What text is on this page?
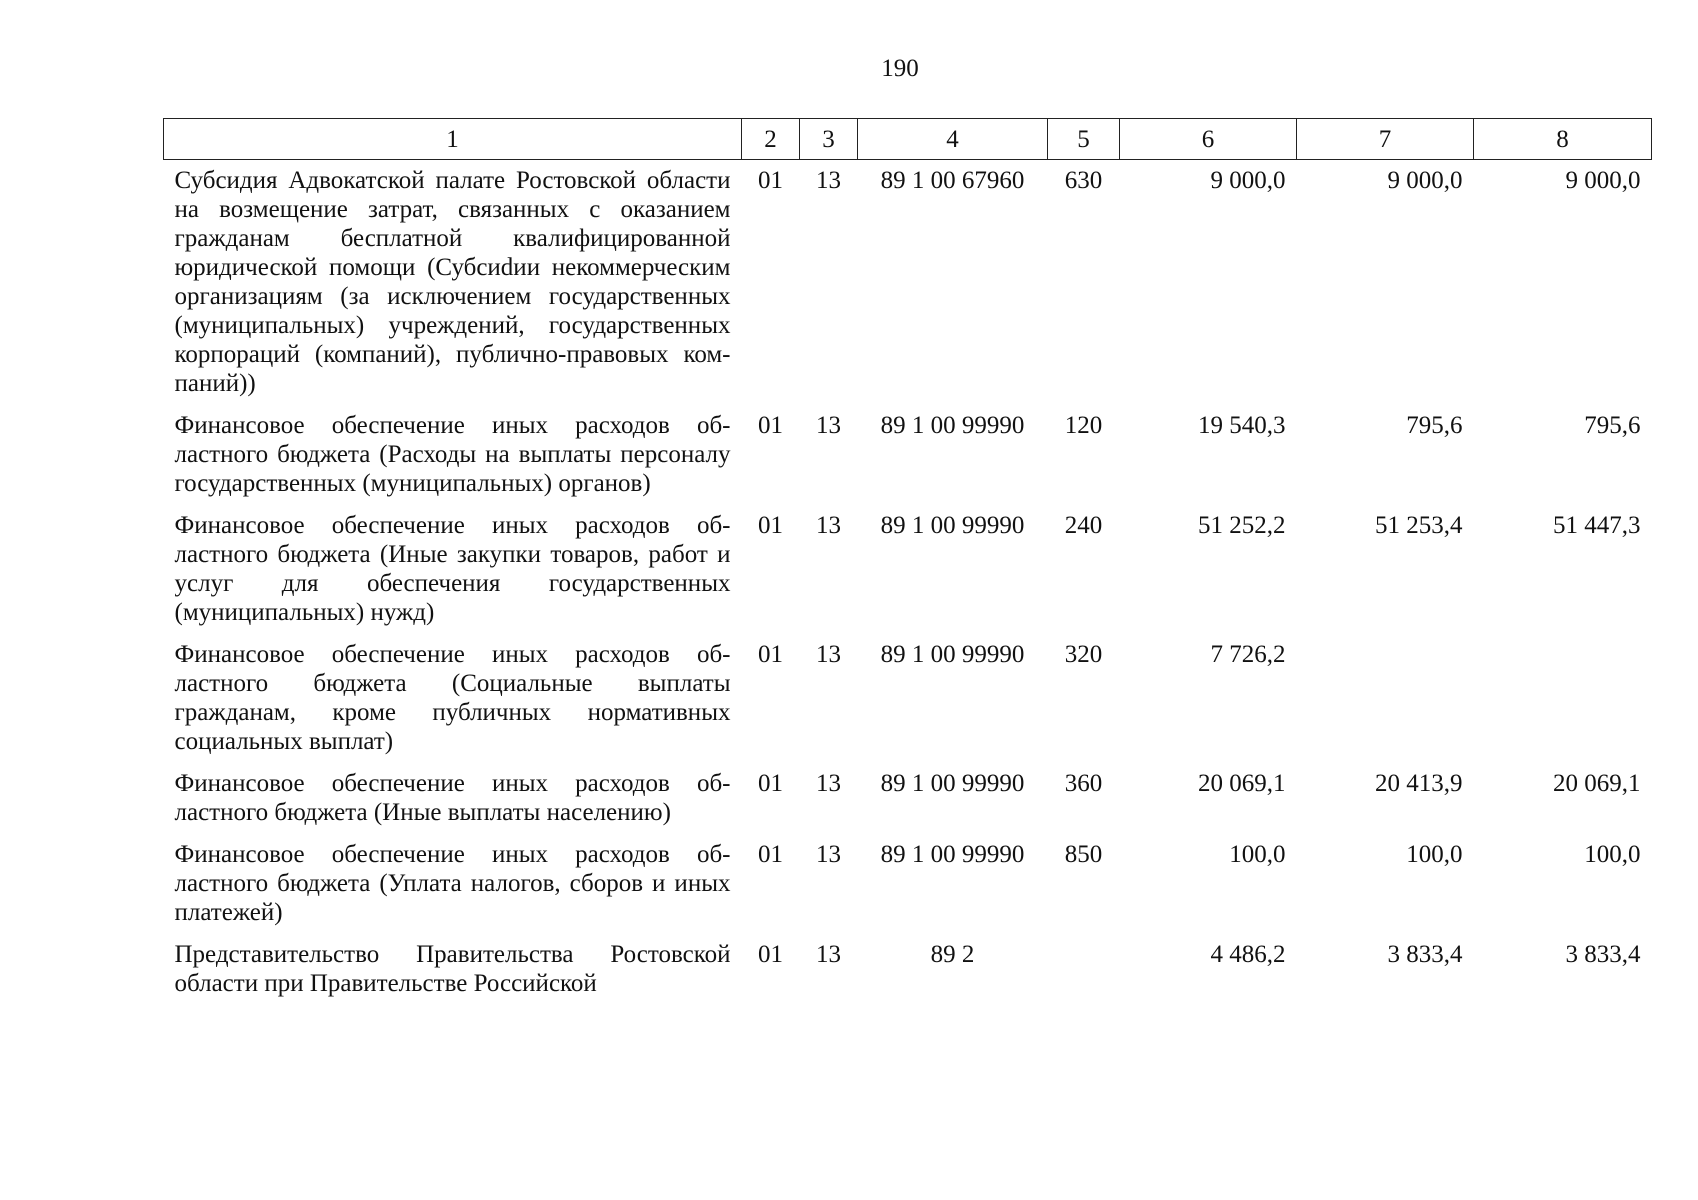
190
1	2	3	4	5	6	7	8
Субсидия Адвокатской палате Ростовской области на возмещение затрат, связанных с оказанием гражданам бесплатной квалифицированной юридической помощи (Субсиdии некоммерческим организациям (за исключением государственных (муниципальных) учреждений, государственных корпораций (компаний), публично-правовых компаний))	01	13	89 1 00 67960	630	9 000,0	9 000,0	9 000,0
Финансовое обеспечение иных расходов областного бюджета (Расходы на выплаты персоналу государственных (муниципальных) органов)	01	13	89 1 00 99990	120	19 540,3	795,6	795,6
Финансовое обеспечение иных расходов областного бюджета (Иные закупки товаров, работ и услуг для обеспечения государственных (муниципальных) нужд)	01	13	89 1 00 99990	240	51 252,2	51 253,4	51 447,3
Финансовое обеспечение иных расходов областного бюджета (Социальные выплаты гражданам, кроме публичных нормативных социальных выплат)	01	13	89 1 00 99990	320	7 726,2		
Финансовое обеспечение иных расходов областного бюджета (Иные выплаты населению)	01	13	89 1 00 99990	360	20 069,1	20 413,9	20 069,1
Финансовое обеспечение иных расходов областного бюджета (Уплата налогов, сборов и иных платежей)	01	13	89 1 00 99990	850	100,0	100,0	100,0
Представительство Правительства Ростовской области при Правительстве Российской	01	13	89 2		4 486,2	3 833,4	3 833,4
